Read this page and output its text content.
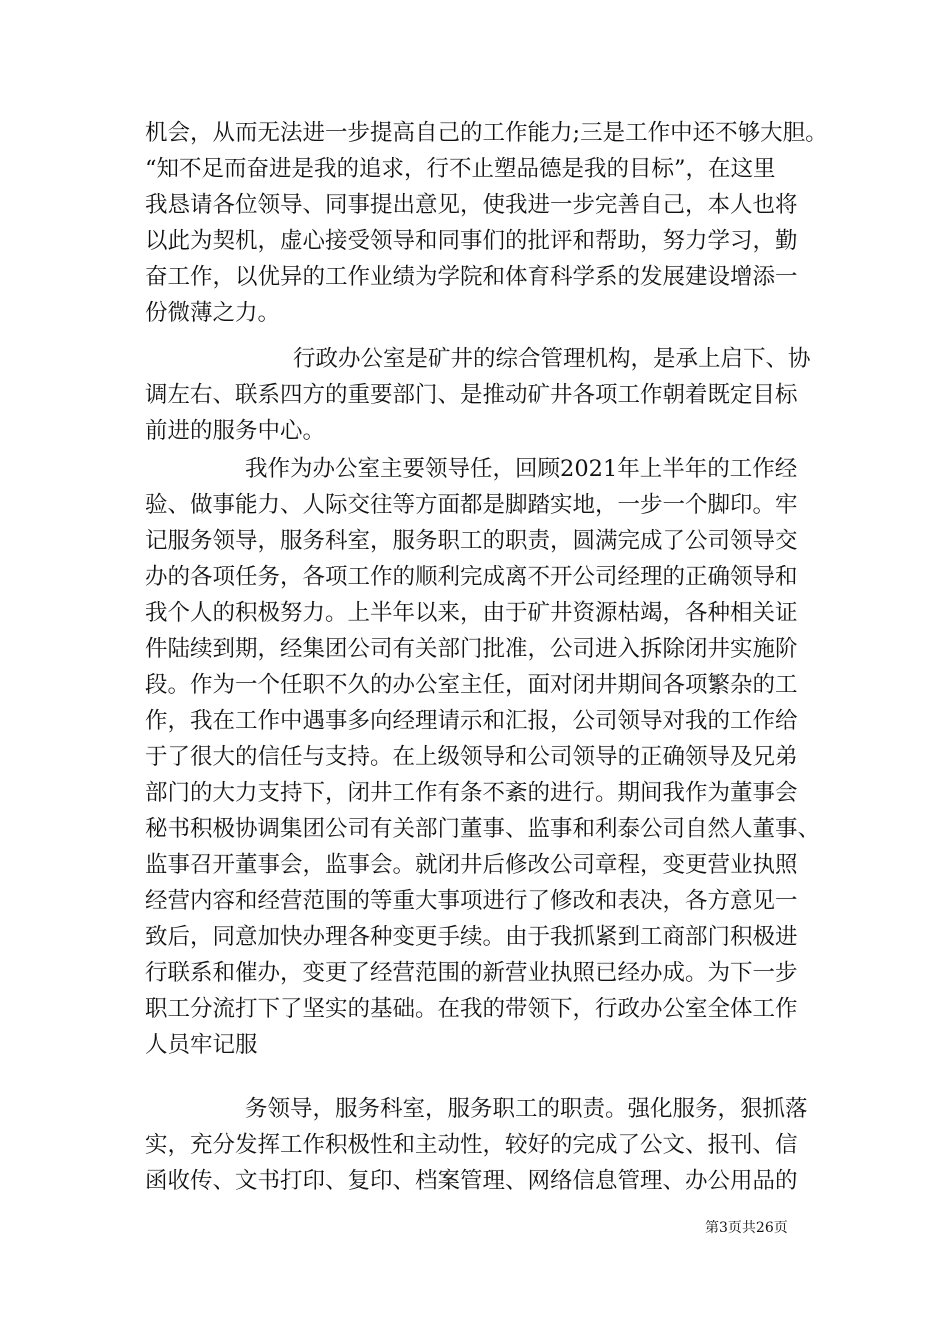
机会，从而无法进一步提高自己的工作能力;三是工作中还不够大胆。
“知不足而奋进是我的追求，行不止塑品德是我的目标”，在这里
我恳请各位领导、同事提出意见，使我进一步完善自己，本人也将
以此为契机，虚心接受领导和同事们的批评和帮助，努力学习，勤
奋工作，以优异的工作业绩为学院和体育科学系的发展建设增添一
份微薄之力。
行政办公室是矿井的综合管理机构，是承上启下、协
调左右、联系四方的重要部门、是推动矿井各项工作朝着既定目标
前进的服务中心。
我作为办公室主要领导任，回顾2021年上半年的工作经
验、做事能力、人际交往等方面都是脚踏实地，一步一个脚印。牢
记服务领导，服务科室，服务职工的职责，圆满完成了公司领导交
办的各项任务，各项工作的顺利完成离不开公司经理的正确领导和
我个人的积极努力。上半年以来，由于矿井资源枯竭，各种相关证
件陆续到期，经集团公司有关部门批准，公司进入拆除闭井实施阶
段。作为一个任职不久的办公室主任，面对闭井期间各项繁杂的工
作，我在工作中遇事多向经理请示和汇报，公司领导对我的工作给
于了很大的信任与支持。在上级领导和公司领导的正确领导及兄弟
部门的大力支持下，闭井工作有条不紊的进行。期间我作为董事会
秘书积极协调集团公司有关部门董事、监事和利泰公司自然人董事、
监事召开董事会，监事会。就闭井后修改公司章程，变更营业执照
经营内容和经营范围的等重大事项进行了修改和表决，各方意见一
致后，同意加快办理各种变更手续。由于我抓紧到工商部门积极进
行联系和催办，变更了经营范围的新营业执照已经办成。为下一步
职工分流打下了坚实的基础。在我的带领下，行政办公室全体工作
人员牢记服
务领导，服务科室，服务职工的职责。强化服务，狠抓落
实，充分发挥工作积极性和主动性，较好的完成了公文、报刊、信
函收传、文书打印、复印、档案管理、网络信息管理、办公用品的
第3页共26页
